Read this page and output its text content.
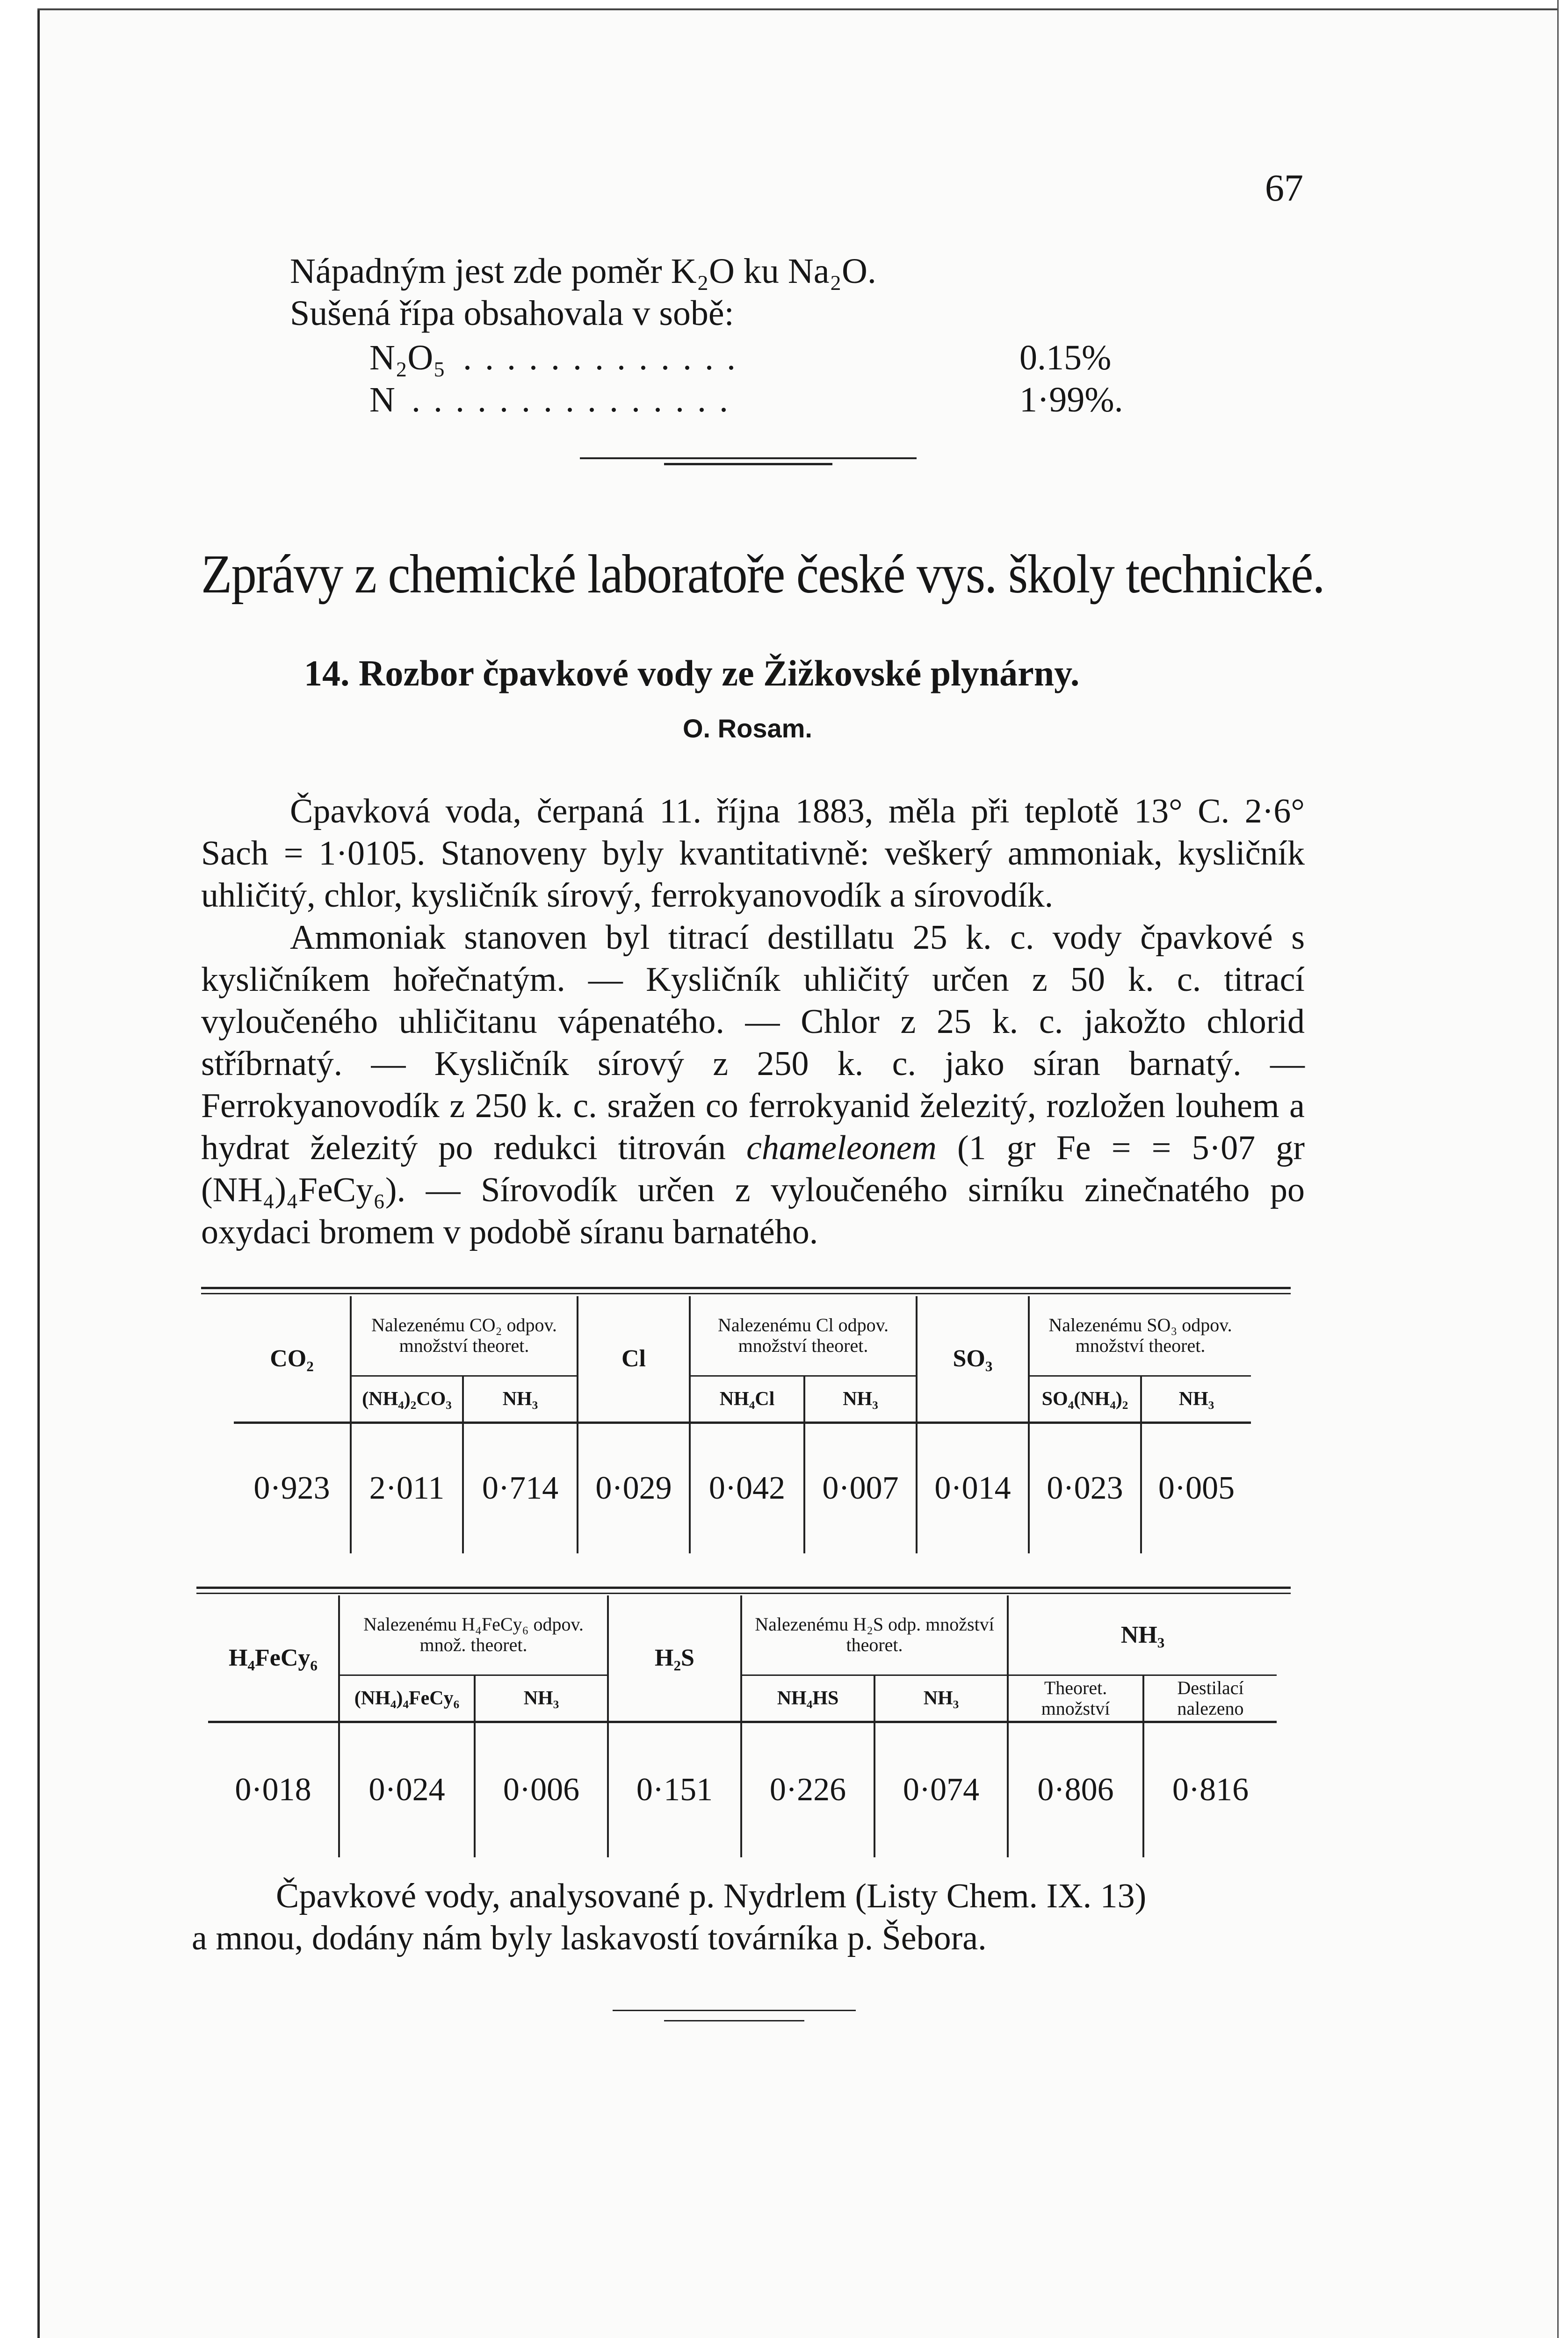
67
Nápadným jest zde poměr K₂O ku Na₂O.
Sušená řípa obsahovala v sobě:
N₂O₅ .............	0.15%
N ...............	1·99%.
Zprávy z chemické laboratoře české vys. školy technické.
14. Rozbor čpavkové vody ze Žižkovské plynárny.
O. Rosam.

Čpavková voda, čerpaná 11. října 1883, měla při teplotě 13° C. 2·6° Sach = 1·0105. Stanoveny byly kvantitativně: veškerý ammoniak, kysličník uhličitý, chlor, kysličník sírový, ferrokyanovodík a sírovodík.

Ammoniak stanoven byl titrací destillatu 25 k. c. vody čpavkové s kysličníkem hořečnatým. — Kysličník uhličitý určen z 50 k. c. titrací vyloučeného uhličitanu vápenatého. — Chlor z 25 k. c. jakožto chlorid stříbrnatý. — Kysličník sírový z 250 k. c. jako síran barnatý. — Ferrokyanovodík z 250 k. c. sražen co ferrokyanid železitý, rozložen louhem a hydrat železitý po redukci titrován chameleonem (1 gr Fe = = 5·07 gr (NH₄)₄FeCy₆). — Sírovodík určen z vyloučeného sirníku zinečnatého po oxydaci bromem v podobě síranu barnatého.

CO₂	Nalezenému CO₂ odpov. množství theoret.		Cl	Nalezenému Cl odpov. množství theoret.		SO₃	Nalezenému SO₃ odpov. množství theoret.	
	(NH₄)₂CO₃	NH₃		NH₄Cl	NH₃		SO₄(NH₄)₂	NH₃
0·923	2·011	0·714	0·029	0·042	0·007	0·014	0·023	0·005
H₄FeCy₆	Nalezenému H₄FeCy₆ odpov. množ. theoret.		H₂S	Nalezenému H₂S odp. množství theoret.		NH₃	
	(NH₄)₄FeCy₆	NH₃		NH₄HS	NH₃	Theoret. množství	Destilací nalezeno
0·018	0·024	0·006	0·151	0·226	0·074	0·806	0·816
Čpavkové vody, analysované p. Nydrlem (Listy Chem. IX. 13)
a mnou, dodány nám byly laskavostí továrníka p. Šebora.
